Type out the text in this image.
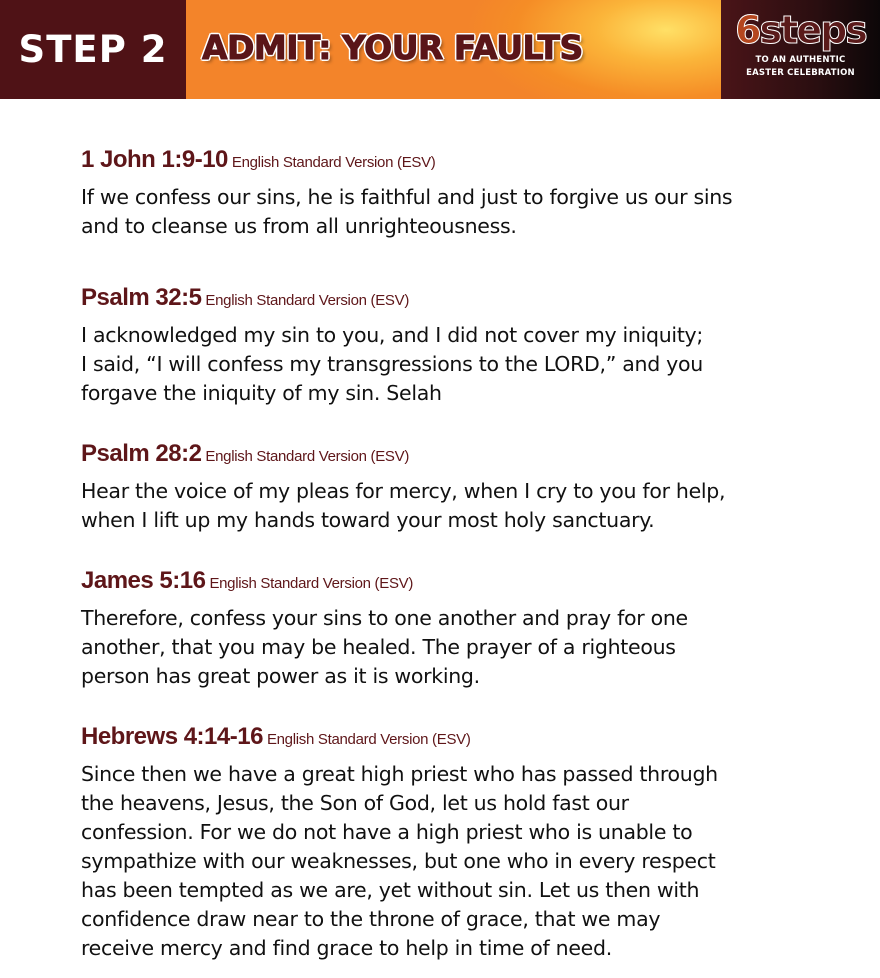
STEP 2 ADMIT: YOUR FAULTS	6steps
TO AN AUTHENTIC
EASTER CELEBRATION
1 John 1:9-10 English Standard Version (ESV)

If we confess our sins, he is faithful and just to forgive us our sins
and to cleanse us from all unrighteousness.

Psalm 32:5 English Standard Version (ESV)

I acknowledged my sin to you, and I did not cover my iniquity;
I said, “I will confess my transgressions to the LORD,” and you
forgave the iniquity of my sin. Selah

Psalm 28:2 English Standard Version (ESV)

Hear the voice of my pleas for mercy, when I cry to you for help,
when I lift up my hands toward your most holy sanctuary.

James 5:16 English Standard Version (ESV)

Therefore, confess your sins to one another and pray for one
another, that you may be healed. The prayer of a righteous
person has great power as it is working.

Hebrews 4:14-16 English Standard Version (ESV)

Since then we have a great high priest who has passed through
the heavens, Jesus, the Son of God, let us hold fast our
confession. For we do not have a high priest who is unable to
sympathize with our weaknesses, but one who in every respect
has been tempted as we are, yet without sin. Let us then with
confidence draw near to the throne of grace, that we may
receive mercy and find grace to help in time of need.
